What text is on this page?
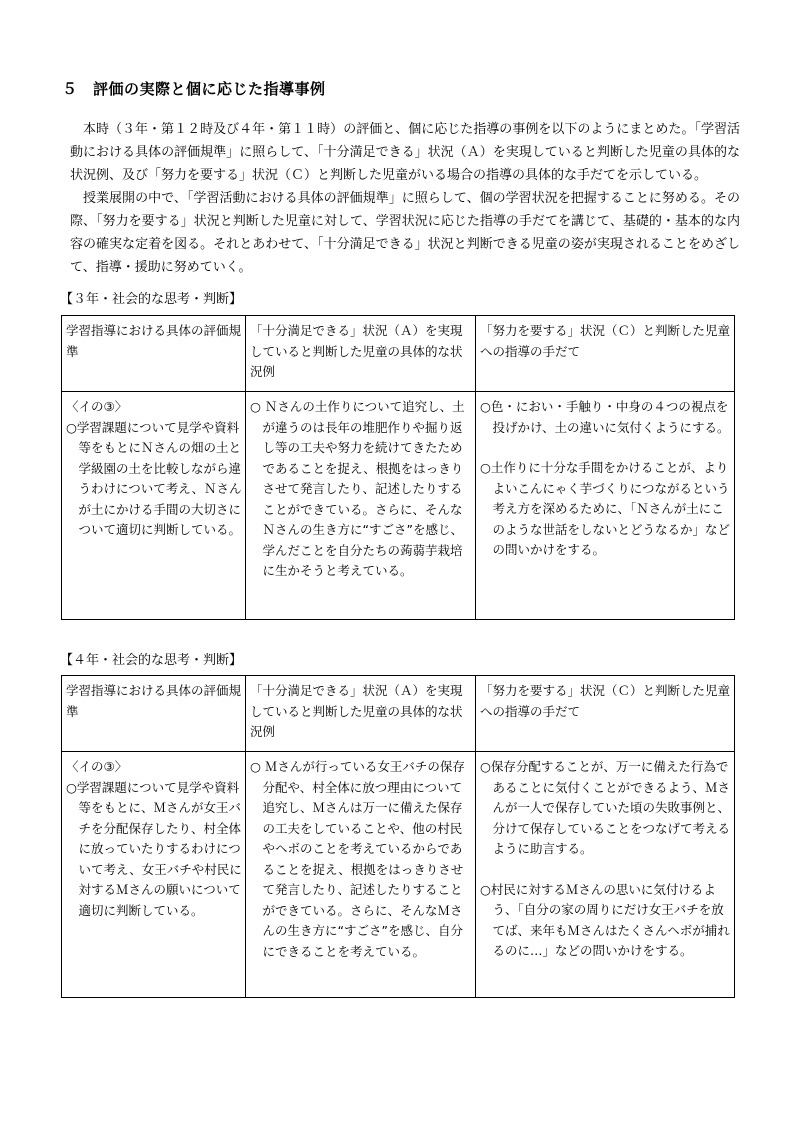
５　評価の実際と個に応じた指導事例

本時（３年・第１２時及び４年・第１１時）の評価と、個に応じた指導の事例を以下のようにまとめた。「学習活動における具体の評価規準」に照らして、「十分満足できる」状況（Ａ）を実現していると判断した児童の具体的な状況例、及び「努力を要する」状況（Ｃ）と判断した児童がいる場合の指導の具体的な手だてを示している。

授業展開の中で、「学習活動における具体の評価規準」に照らして、個の学習状況を把握することに努める。その際、「努力を要する」状況と判断した児童に対して、学習状況に応じた指導の手だてを講じて、基礎的・基本的な内容の確実な定着を図る。それとあわせて、「十分満足できる」状況と判断できる児童の姿が実現されることをめざして、指導・援助に努めていく。

【３年・社会的な思考・判断】
学習指導における具体の評価規準	「十分満足できる」状況（Ａ）を実現していると判断した児童の具体的な状況例	「努力を要する」状況（Ｃ）と判断した児童への指導の手だて

〈イの③〉
○学習課題について見学や資料等をもとにＮさんの畑の土と学級園の土を比較しながら違うわけについて考え、Ｎさんが土にかける手間の大切さについて適切に判断している。	○ Ｎさんの土作りについて追究し、土が違うのは長年の堆肥作りや掘り返し等の工夫や努力を続けてきたためであることを捉え、根拠をはっきりさせて発言したり、記述したりすることができている。さらに、そんなＮさんの生き方に“すごさ”を感じ、学んだことを自分たちの蒟蒻芋栽培に生かそうと考えている。	○色・におい・手触り・中身の４つの視点を投げかけ、土の違いに気付くようにする。
○土作りに十分な手間をかけることが、よりよいこんにゃく芋づくりにつながるという考え方を深めるために、「Ｎさんが土にこのような世話をしないとどうなるか」などの問いかけをする。
【４年・社会的な思考・判断】
学習指導における具体の評価規準	「十分満足できる」状況（Ａ）を実現していると判断した児童の具体的な状況例	「努力を要する」状況（Ｃ）と判断した児童への指導の手だて

〈イの③〉
○学習課題について見学や資料等をもとに、Ｍさんが女王バチを分配保存したり、村全体に放っていたりするわけについて考え、女王バチや村民に対するＭさんの願いについて適切に判断している。	○ Ｍさんが行っている女王バチの保存分配や、村全体に放つ理由について追究し、Ｍさんは万一に備えた保存の工夫をしていることや、他の村民やヘボのことを考えているからであることを捉え、根拠をはっきりさせて発言したり、記述したりすることができている。さらに、そんなＭさんの生き方に“すごさ”を感じ、自分にできることを考えている。	○保存分配することが、万一に備えた行為であることに気付くことができるよう、Ｍさんが一人で保存していた頃の失敗事例と、分けて保存していることをつなげて考えるように助言する。
○村民に対するＭさんの思いに気付けるよう、「自分の家の周りにだけ女王バチを放てば、来年もＭさんはたくさんヘボが捕れるのに…」などの問いかけをする。
